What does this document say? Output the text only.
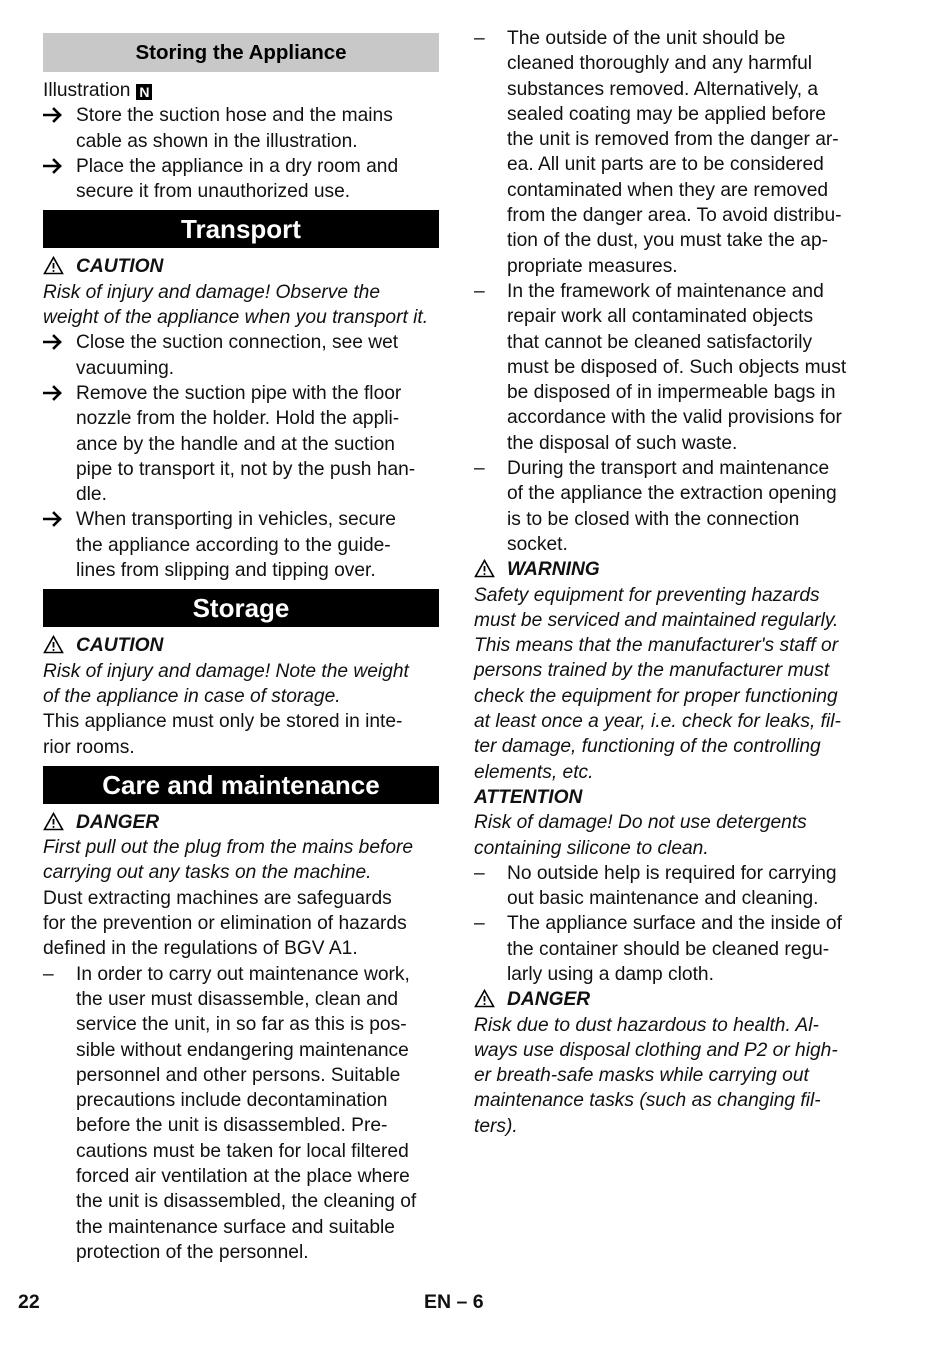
Storing the Appliance

Illustration N

Store the suction hose and the mains
cable as shown in the illustration.
Place the appliance in a dry room and
secure it from unauthorized use.
Transport

CAUTION

Risk of injury and damage! Observe the
weight of the appliance when you transport it.
Close the suction connection, see wet
vacuuming.
Remove the suction pipe with the floor
nozzle from the holder. Hold the appli-
ance by the handle and at the suction
pipe to transport it, not by the push han-
dle.
When transporting in vehicles, secure
the appliance according to the guide-
lines from slipping and tipping over.
Storage

CAUTION

Risk of injury and damage! Note the weight
of the appliance in case of storage.
This appliance must only be stored in inte-
rior rooms.
Care and maintenance

DANGER

First pull out the plug from the mains before
carrying out any tasks on the machine.
Dust extracting machines are safeguards
for the prevention or elimination of hazards
defined in the regulations of BGV A1.
– In order to carry out maintenance work,
the user must disassemble, clean and
service the unit, in so far as this is pos-
sible without endangering maintenance
personnel and other persons. Suitable
precautions include decontamination
before the unit is disassembled. Pre-
cautions must be taken for local filtered
forced air ventilation at the place where
the unit is disassembled, the cleaning of
the maintenance surface and suitable
protection of the personnel.
– The outside of the unit should be
cleaned thoroughly and any harmful
substances removed. Alternatively, a
sealed coating may be applied before
the unit is removed from the danger ar-
ea. All unit parts are to be considered
contaminated when they are removed
from the danger area. To avoid distribu-
tion of the dust, you must take the ap-
propriate measures.
– In the framework of maintenance and
repair work all contaminated objects
that cannot be cleaned satisfactorily
must be disposed of. Such objects must
be disposed of in impermeable bags in
accordance with the valid provisions for
the disposal of such waste.
– During the transport and maintenance
of the appliance the extraction opening
is to be closed with the connection
socket.

WARNING

Safety equipment for preventing hazards
must be serviced and maintained regularly.
This means that the manufacturer's staff or
persons trained by the manufacturer must
check the equipment for proper functioning
at least once a year, i.e. check for leaks, fil-
ter damage, functioning of the controlling
elements, etc.

ATTENTION

Risk of damage! Do not use detergents
containing silicone to clean.
– No outside help is required for carrying
out basic maintenance and cleaning.
– The appliance surface and the inside of
the container should be cleaned regu-
larly using a damp cloth.

DANGER

Risk due to dust hazardous to health. Al-
ways use disposal clothing and P2 or high-
er breath-safe masks while carrying out
maintenance tasks (such as changing fil-
ters).
22	EN – 6
